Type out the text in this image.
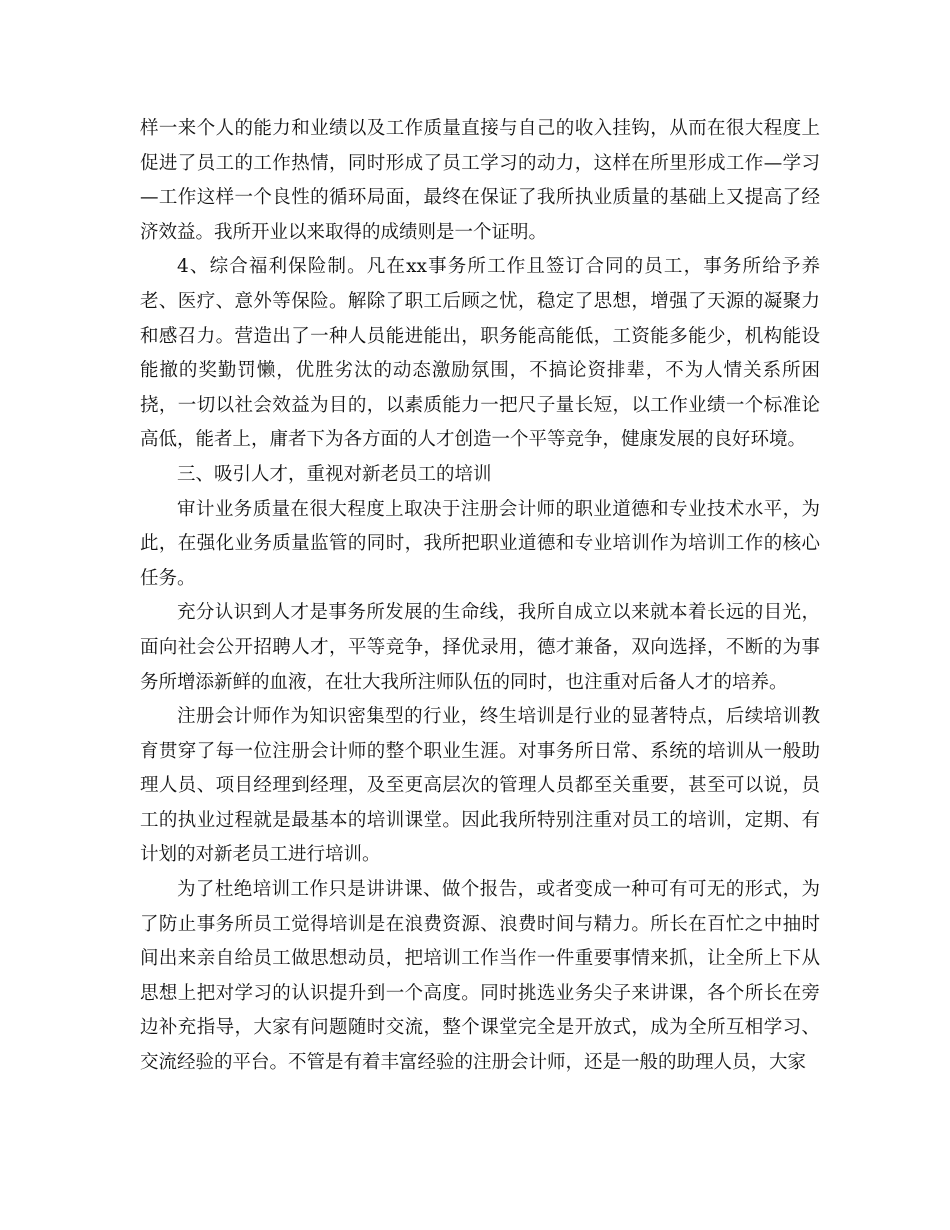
样一来个人的能力和业绩以及工作质量直接与自己的收入挂钩，从而在很大程度上促进了员工的工作热情，同时形成了员工学习的动力，这样在所里形成工作—学习—工作这样一个良性的循环局面，最终在保证了我所执业质量的基础上又提高了经济效益。我所开业以来取得的成绩则是一个证明。

4、综合福利保险制。凡在xx事务所工作且签订合同的员工，事务所给予养老、医疗、意外等保险。解除了职工后顾之忧，稳定了思想，增强了天源的凝聚力和感召力。营造出了一种人员能进能出，职务能高能低，工资能多能少，机构能设能撤的奖勤罚懒，优胜劣汰的动态激励氛围，不搞论资排辈，不为人情关系所困挠，一切以社会效益为目的，以素质能力一把尺子量长短，以工作业绩一个标准论高低，能者上，庸者下为各方面的人才创造一个平等竞争，健康发展的良好环境。

三、吸引人才，重视对新老员工的培训

审计业务质量在很大程度上取决于注册会计师的职业道德和专业技术水平，为此，在强化业务质量监管的同时，我所把职业道德和专业培训作为培训工作的核心任务。

充分认识到人才是事务所发展的生命线，我所自成立以来就本着长远的目光，面向社会公开招聘人才，平等竞争，择优录用，德才兼备，双向选择，不断的为事务所增添新鲜的血液，在壮大我所注师队伍的同时，也注重对后备人才的培养。

注册会计师作为知识密集型的行业，终生培训是行业的显著特点，后续培训教育贯穿了每一位注册会计师的整个职业生涯。对事务所日常、系统的培训从一般助理人员、项目经理到经理，及至更高层次的管理人员都至关重要，甚至可以说，员工的执业过程就是最基本的培训课堂。因此我所特别注重对员工的培训，定期、有计划的对新老员工进行培训。

为了杜绝培训工作只是讲讲课、做个报告，或者变成一种可有可无的形式，为了防止事务所员工觉得培训是在浪费资源、浪费时间与精力。所长在百忙之中抽时间出来亲自给员工做思想动员，把培训工作当作一件重要事情来抓，让全所上下从思想上把对学习的认识提升到一个高度。同时挑选业务尖子来讲课，各个所长在旁边补充指导，大家有问题随时交流，整个课堂完全是开放式，成为全所互相学习、交流经验的平台。不管是有着丰富经验的注册会计师，还是一般的助理人员，大家
